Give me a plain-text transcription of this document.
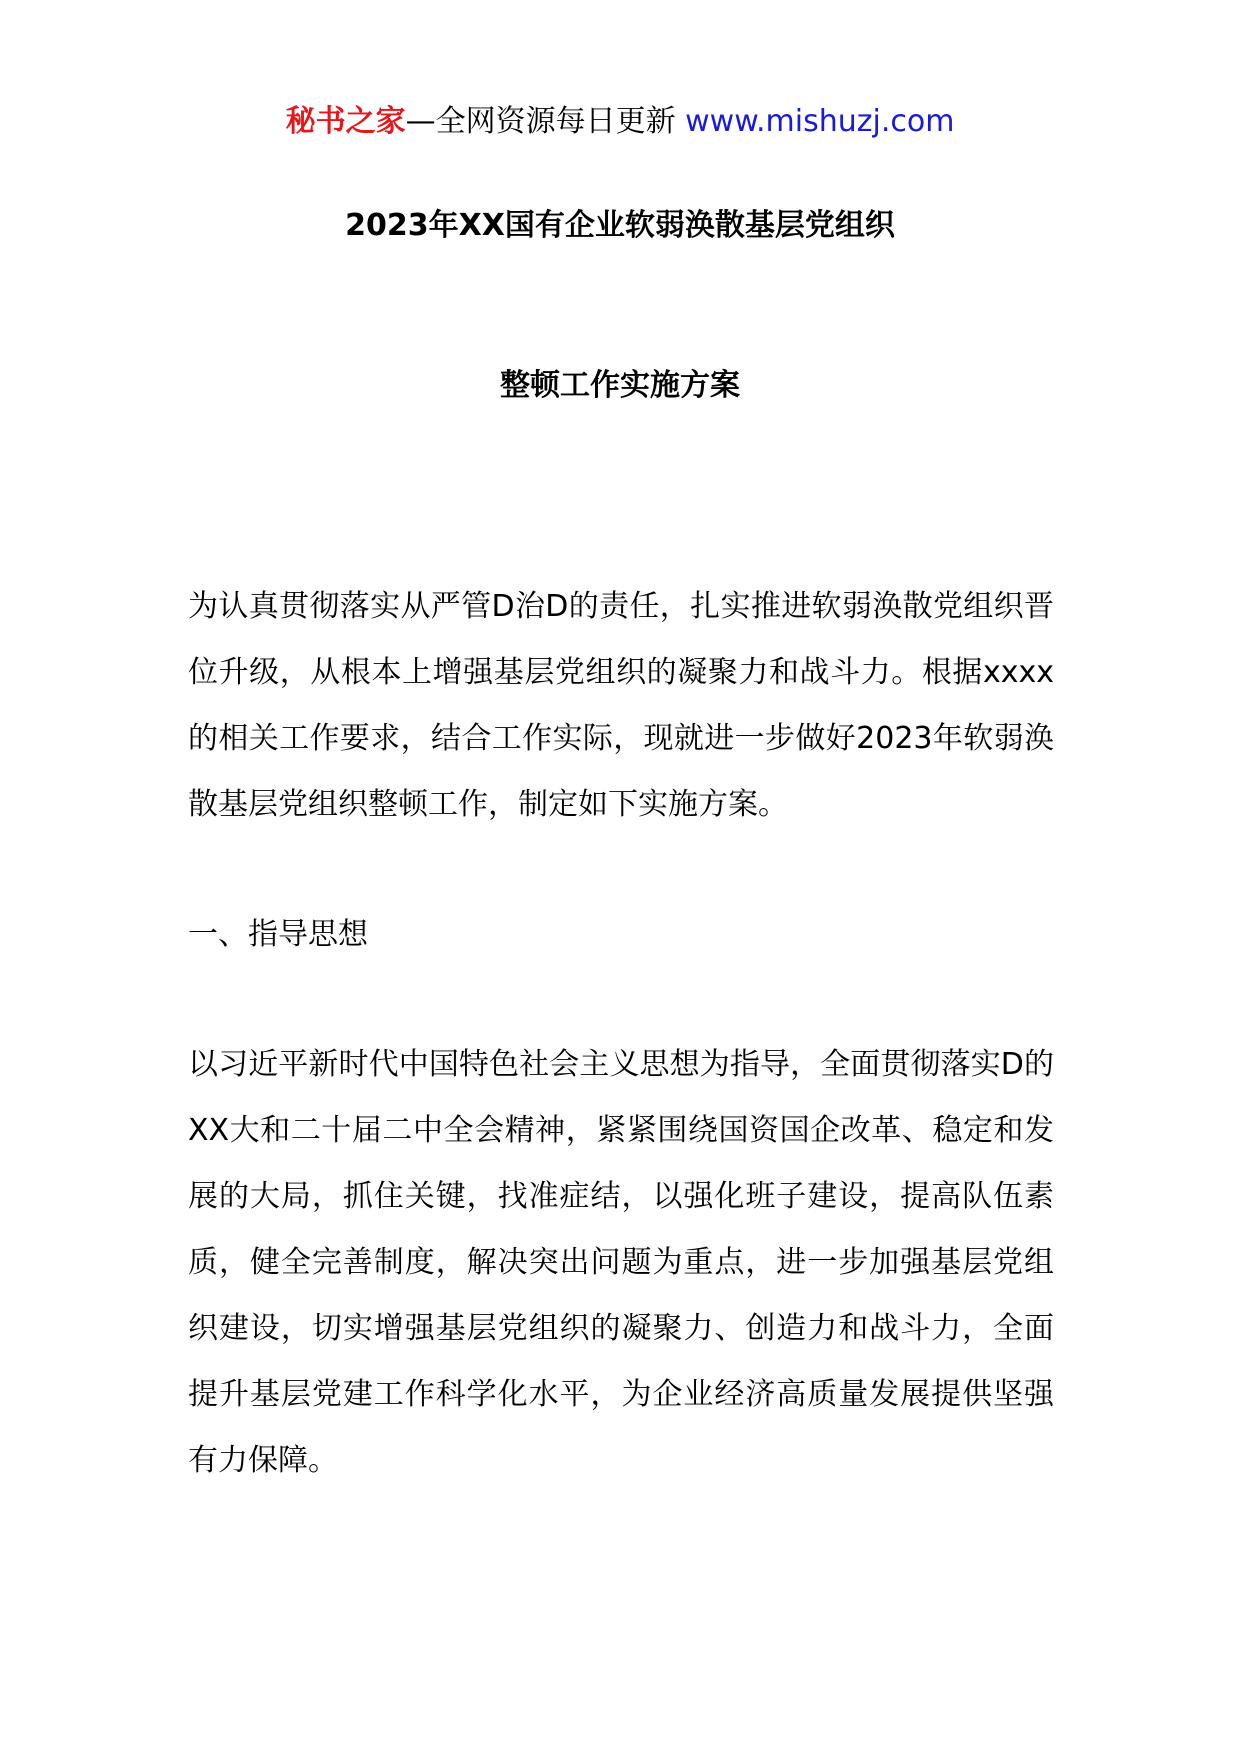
秘书之家—全网资源每日更新 www.mishuzj.com
2023年XX国有企业软弱涣散基层党组织
整顿工作实施方案

为认真贯彻落实从严管D治D的责任，扎实推进软弱涣散党组织晋位升级，从根本上增强基层党组织的凝聚力和战斗力。根据xxxx的相关工作要求，结合工作实际，现就进一步做好2023年软弱涣散基层党组织整顿工作，制定如下实施方案。

一、指导思想

以习近平新时代中国特色社会主义思想为指导，全面贯彻落实D的XX大和二十届二中全会精神，紧紧围绕国资国企改革、稳定和发展的大局，抓住关键，找准症结，以强化班子建设，提高队伍素质，健全完善制度，解决突出问题为重点，进一步加强基层党组织建设，切实增强基层党组织的凝聚力、创造力和战斗力，全面提升基层党建工作科学化水平，为企业经济高质量发展提供坚强有力保障。
